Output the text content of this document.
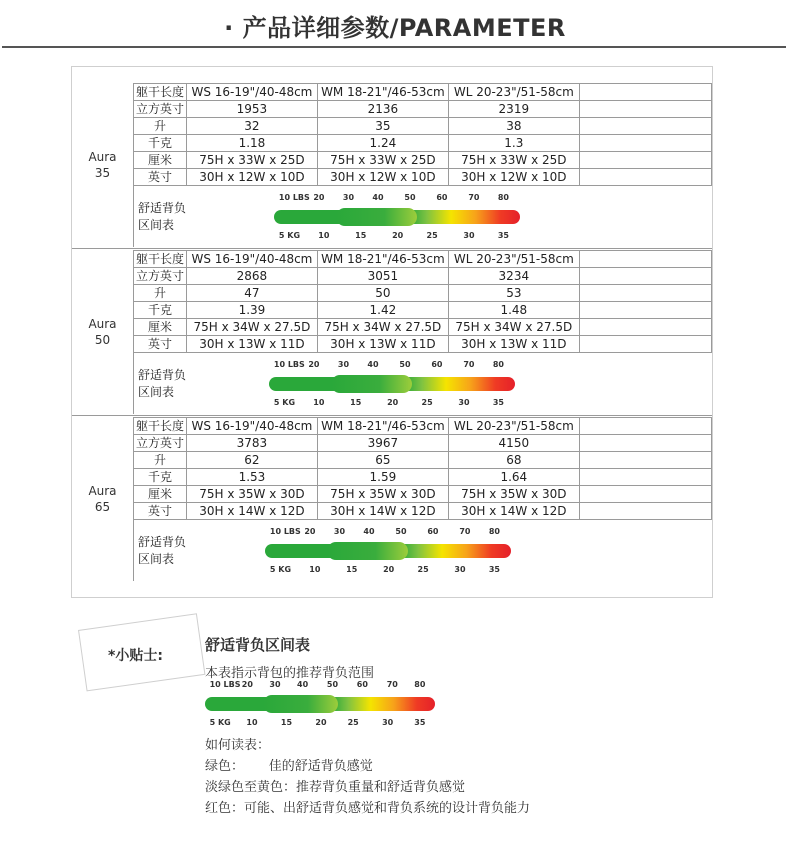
· 产品详细参数/PARAMETER
Aura
35
躯干长度	WS 16-19"/40-48cm	WM 18-21"/46-53cm	WL 20-23"/51-58cm	
立方英寸	1953	2136	2319	
升	32	35	38	
千克	1.18	1.24	1.3	
厘米	75H x 33W x 25D	75H x 33W x 25D	75H x 33W x 25D	
英寸	30H x 12W x 10D	30H x 12W x 10D	30H x 12W x 10D	
舒适背负区间表
10 LBS 20 30 40	50	60	70 80
5 KG 10	15	20	25	30	35
Aura
50
躯干长度	WS 16-19"/40-48cm	WM 18-21"/46-53cm	WL 20-23"/51-58cm	
立方英寸	2868	3051	3234	
升	47	50	53	
千克	1.39	1.42	1.48	
厘米	75H x 34W x 27.5D	75H x 34W x 27.5D	75H x 34W x 27.5D	
英寸	30H x 13W x 11D	30H x 13W x 11D	30H x 13W x 11D	
舒适背负区间表
10 LBS 20 30 40	50	60	70 80
5 KG 10	15	20	25	30	35
Aura
65
躯干长度	WS 16-19"/40-48cm	WM 18-21"/46-53cm	WL 20-23"/51-58cm	
立方英寸	3783	3967	4150	
升	62	65	68	
千克	1.53	1.59	1.64	
厘米	75H x 35W x 30D	75H x 35W x 30D	75H x 35W x 30D	
英寸	30H x 14W x 12D	30H x 14W x 12D	30H x 14W x 12D	
舒适背负区间表
10 LBS 20 30 40	50	60	70 80
5 KG 10	15	20	25	30	35
*小贴士:
舒适背负区间表
本表指示背包的推荐背负范围
10 LBS 20 30 40 50 60 70 80
5 KG 10	15	20	25	30	35
如何读表：
绿色：      佳的舒适背负感觉
淡绿色至黄色：推荐背负重量和舒适背负感觉
红色：可能、出舒适背负感觉和背负系统的设计背负能力
